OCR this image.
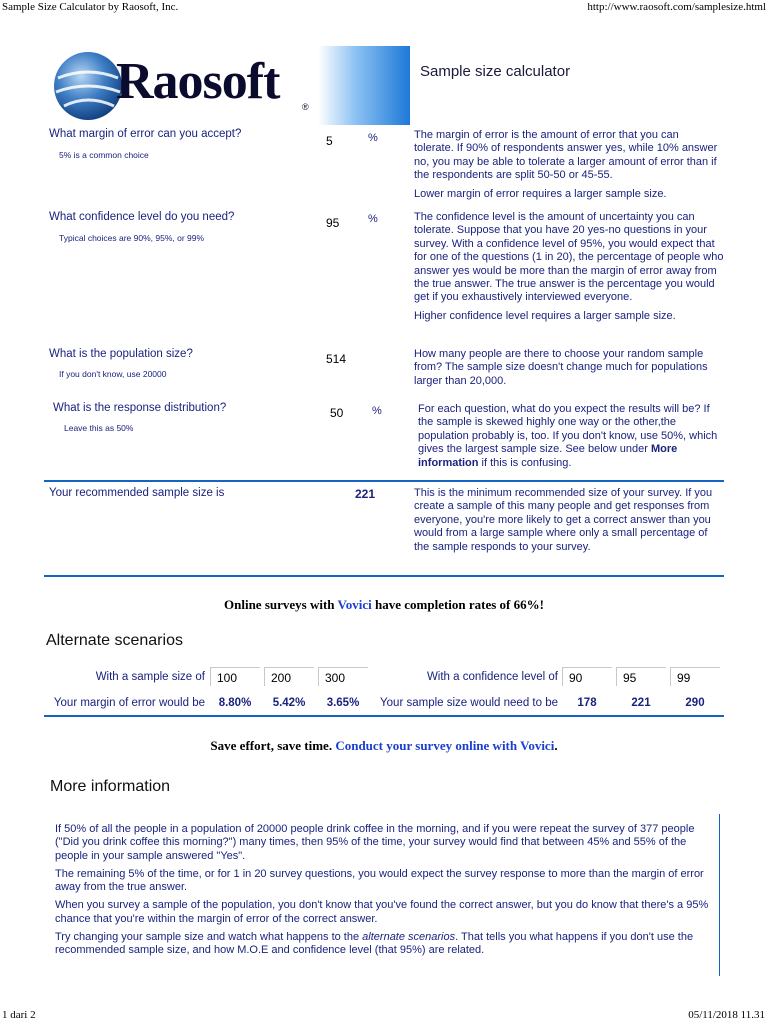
Sample Size Calculator by Raosoft, Inc.	http://www.raosoft.com/samplesize.html
Raosoft	®
Sample size calculator
What margin of error can you accept?
5% is a common choice
5	%	The margin of error is the amount of error that you can tolerate. If 90% of respondents answer yes, while 10% answer no, you may be able to tolerate a larger amount of error than if the respondents are split 50-50 or 45-55.

Lower margin of error requires a larger sample size.

What confidence level do you need?
Typical choices are 90%, 95%, or 99%
95	%	The confidence level is the amount of uncertainty you can tolerate. Suppose that you have 20 yes-no questions in your survey. With a confidence level of 95%, you would expect that for one of the questions (1 in 20), the percentage of people who answer yes would be more than the margin of error away from the true answer. The true answer is the percentage you would get if you exhaustively interviewed everyone.

Higher confidence level requires a larger sample size.

What is the population size?
If you don't know, use 20000
514	How many people are there to choose your random sample from? The sample size doesn't change much for populations larger than 20,000.

What is the response distribution?
Leave this as 50%
50	%	For each question, what do you expect the results will be? If the sample is skewed highly one way or the other,the population probably is, too. If you don't know, use 50%, which gives the largest sample size. See below under More information if this is confusing.
Your recommended sample size is	221	This is the minimum recommended size of your survey. If you create a sample of this many people and get responses from everyone, you're more likely to get a correct answer than you would from a large sample where only a small percentage of the sample responds to your survey.
Online surveys with Vovici have completion rates of 66%!
Alternate scenarios
With a sample size of	100	200	300
Your margin of error would be	8.80%	5.42%	3.65%
With a confidence level of 90	95	99
Your sample size would need to be	178	221	290
Save effort, save time. Conduct your survey online with Vovici.
More information

If 50% of all the people in a population of 20000 people drink coffee in the morning, and if you were repeat the survey of 377 people ("Did you drink coffee this morning?") many times, then 95% of the time, your survey would find that between 45% and 55% of the people in your sample answered "Yes".

The remaining 5% of the time, or for 1 in 20 survey questions, you would expect the survey response to more than the margin of error away from the true answer.

When you survey a sample of the population, you don't know that you've found the correct answer, but you do know that there's a 95% chance that you're within the margin of error of the correct answer.

Try changing your sample size and watch what happens to the alternate scenarios. That tells you what happens if you don't use the recommended sample size, and how M.O.E and confidence level (that 95%) are related.

1 dari 2	05/11/2018 11.31
